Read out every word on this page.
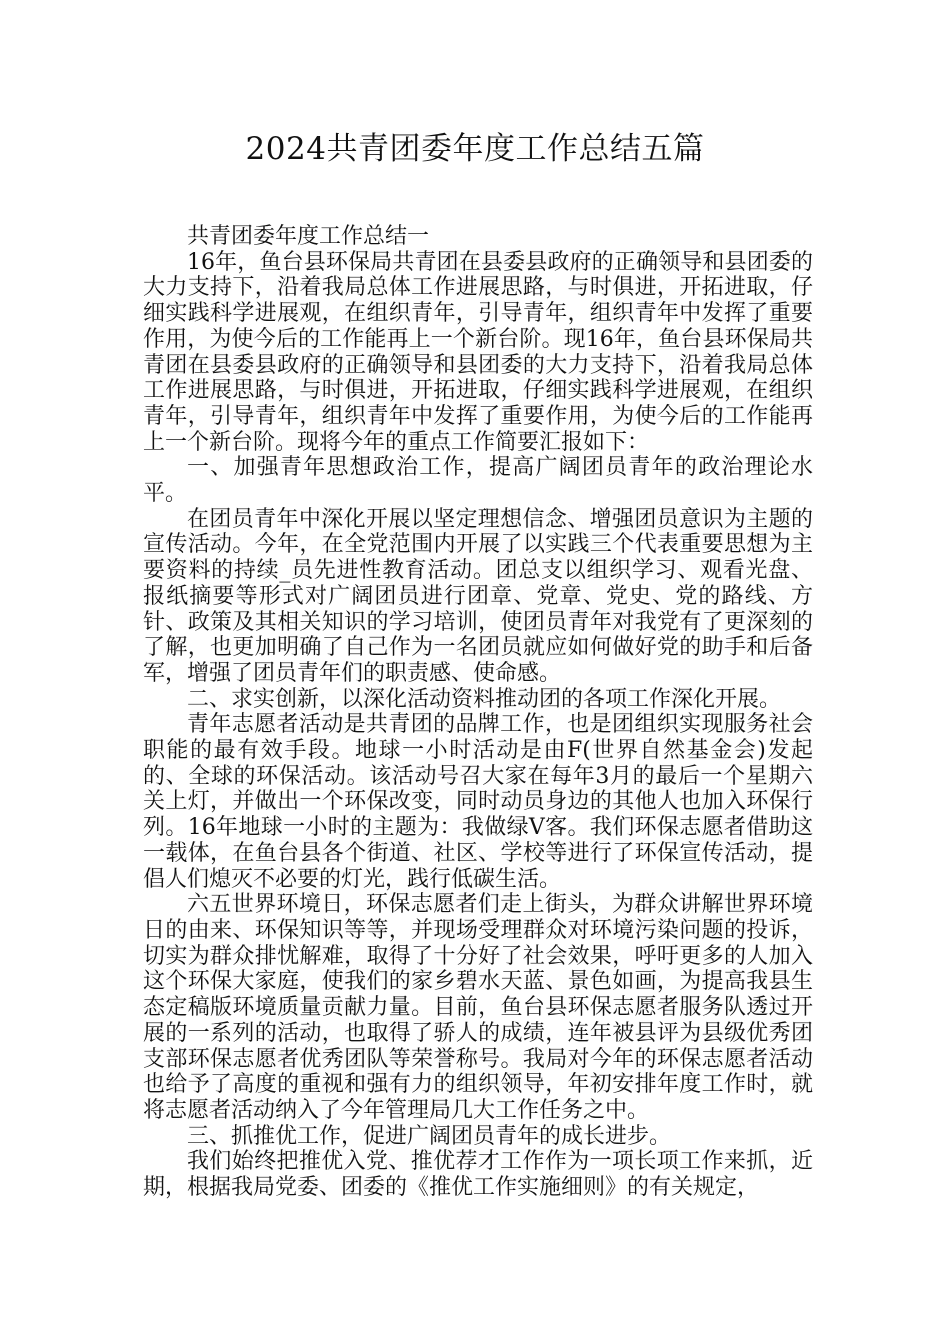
2024共青团委年度工作总结五篇

共青团委年度工作总结一

16年，鱼台县环保局共青团在县委县政府的正确领导和县团委的大力支持下，沿着我局总体工作进展思路，与时俱进，开拓进取，仔细实践科学进展观，在组织青年，引导青年，组织青年中发挥了重要作用，为使今后的工作能再上一个新台阶。现16年，鱼台县环保局共青团在县委县政府的正确领导和县团委的大力支持下，沿着我局总体工作进展思路，与时俱进，开拓进取，仔细实践科学进展观，在组织青年，引导青年，组织青年中发挥了重要作用，为使今后的工作能再上一个新台阶。现将今年的重点工作简要汇报如下：

一、加强青年思想政治工作，提高广阔团员青年的政治理论水平。

在团员青年中深化开展以坚定理想信念、增强团员意识为主题的宣传活动。今年，在全党范围内开展了以实践三个代表重要思想为主要资料的持续_员先进性教育活动。团总支以组织学习、观看光盘、报纸摘要等形式对广阔团员进行团章、党章、党史、党的路线、方针、政策及其相关知识的学习培训，使团员青年对我党有了更深刻的了解，也更加明确了自己作为一名团员就应如何做好党的助手和后备军，增强了团员青年们的职责感、使命感。

二、求实创新，以深化活动资料推动团的各项工作深化开展。

青年志愿者活动是共青团的品牌工作，也是团组织实现服务社会职能的最有效手段。地球一小时活动是由F(世界自然基金会)发起的、全球的环保活动。该活动号召大家在每年3月的最后一个星期六关上灯，并做出一个环保改变，同时动员身边的其他人也加入环保行列。16年地球一小时的主题为：我做绿V客。我们环保志愿者借助这一载体，在鱼台县各个街道、社区、学校等进行了环保宣传活动，提倡人们熄灭不必要的灯光，践行低碳生活。

六五世界环境日，环保志愿者们走上街头，为群众讲解世界环境日的由来、环保知识等等，并现场受理群众对环境污染问题的投诉，切实为群众排忧解难，取得了十分好了社会效果，呼吁更多的人加入这个环保大家庭，使我们的家乡碧水天蓝、景色如画，为提高我县生态定稿版环境质量贡献力量。目前，鱼台县环保志愿者服务队透过开展的一系列的活动，也取得了骄人的成绩，连年被县评为县级优秀团支部环保志愿者优秀团队等荣誉称号。我局对今年的环保志愿者活动也给予了高度的重视和强有力的组织领导，年初安排年度工作时，就将志愿者活动纳入了今年管理局几大工作任务之中。

三、抓推优工作，促进广阔团员青年的成长进步。

我们始终把推优入党、推优荐才工作作为一项长项工作来抓，近期，根据我局党委、团委的《推优工作实施细则》的有关规定，
